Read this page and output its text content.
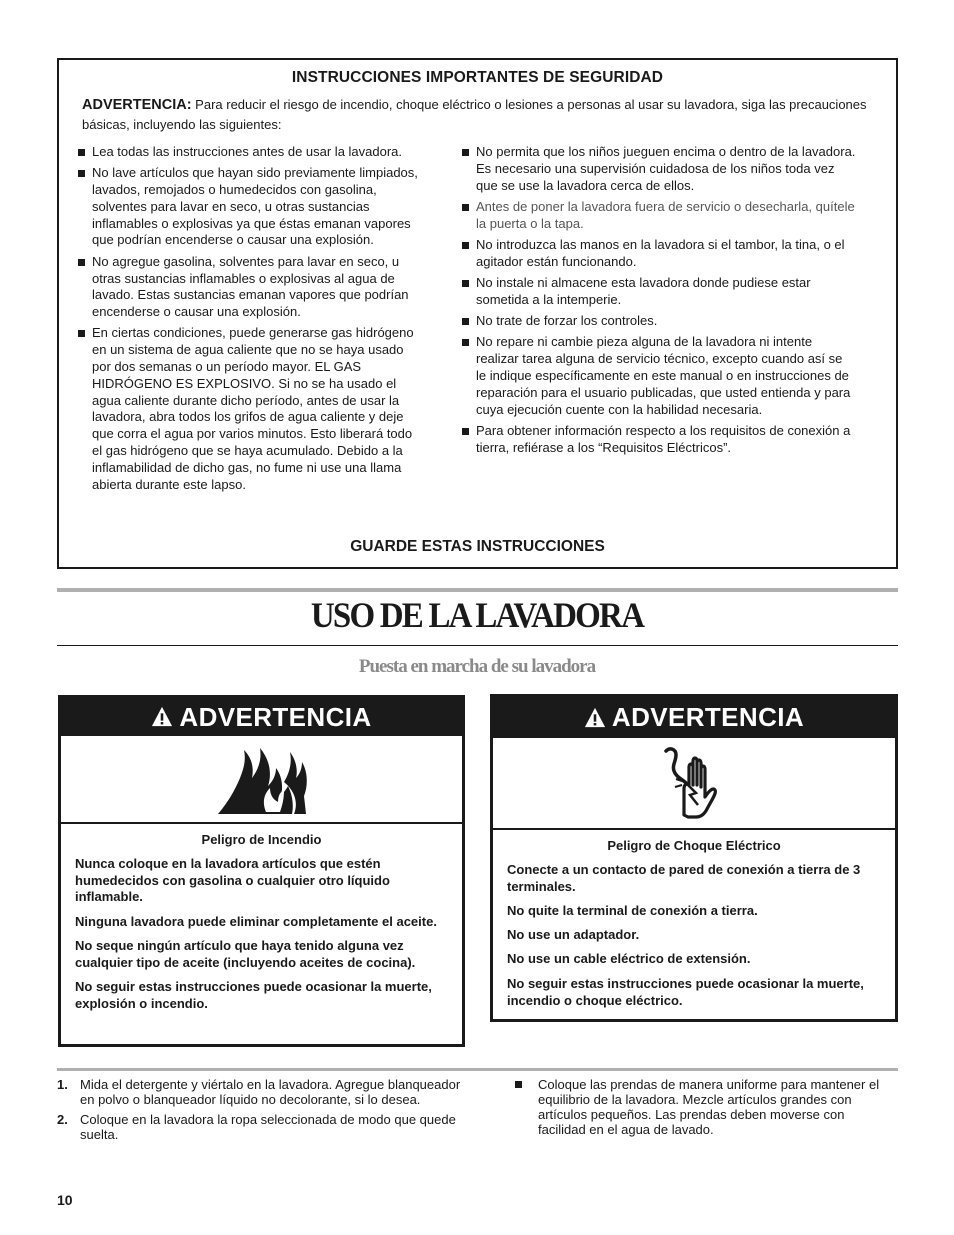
INSTRUCCIONES IMPORTANTES DE SEGURIDAD
ADVERTENCIA: Para reducir el riesgo de incendio, choque eléctrico o lesiones a personas al usar su lavadora, siga las precauciones básicas, incluyendo las siguientes:
Lea todas las instrucciones antes de usar la lavadora.
No lave artículos que hayan sido previamente limpiados, lavados, remojados o humedecidos con gasolina, solventes para lavar en seco, u otras sustancias inflamables o explosivas ya que éstas emanan vapores que podrían encenderse o causar una explosión.
No agregue gasolina, solventes para lavar en seco, u otras sustancias inflamables o explosivas al agua de lavado. Estas sustancias emanan vapores que podrían encenderse o causar una explosión.
En ciertas condiciones, puede generarse gas hidrógeno en un sistema de agua caliente que no se haya usado por dos semanas o un período mayor. EL GAS HIDRÓGENO ES EXPLOSIVO. Si no se ha usado el agua caliente durante dicho período, antes de usar la lavadora, abra todos los grifos de agua caliente y deje que corra el agua por varios minutos. Esto liberará todo el gas hidrógeno que se haya acumulado. Debido a la inflamabilidad de dicho gas, no fume ni use una llama abierta durante este lapso.
No permita que los niños jueguen encima o dentro de la lavadora. Es necesario una supervisión cuidadosa de los niños toda vez que se use la lavadora cerca de ellos.
Antes de poner la lavadora fuera de servicio o desecharla, quítele la puerta o la tapa.
No introduzca las manos en la lavadora si el tambor, la tina, o el agitador están funcionando.
No instale ni almacene esta lavadora donde pudiese estar sometida a la intemperie.
No trate de forzar los controles.
No repare ni cambie pieza alguna de la lavadora ni intente realizar tarea alguna de servicio técnico, excepto cuando así se le indique específicamente en este manual o en instrucciones de reparación para el usuario publicadas, que usted entienda y para cuya ejecución cuente con la habilidad necesaria.
Para obtener información respecto a los requisitos de conexión a tierra, refiérase a los “Requisitos Eléctricos”.
GUARDE ESTAS INSTRUCCIONES
USO DE LA LAVADORA
Puesta en marcha de su lavadora
ADVERTENCIA
Peligro de Incendio

Nunca coloque en la lavadora artículos que estén humedecidos con gasolina o cualquier otro líquido inflamable.

Ninguna lavadora puede eliminar completamente el aceite.

No seque ningún artículo que haya tenido alguna vez cualquier tipo de aceite (incluyendo aceites de cocina).

No seguir estas instrucciones puede ocasionar la muerte, explosión o incendio.

ADVERTENCIA
Peligro de Choque Eléctrico

Conecte a un contacto de pared de conexión a tierra de 3 terminales.

No quite la terminal de conexión a tierra.

No use un adaptador.

No use un cable eléctrico de extensión.

No seguir estas instrucciones puede ocasionar la muerte, incendio o choque eléctrico.

1. Mida el detergente y viértalo en la lavadora. Agregue blanqueador en polvo o blanqueador líquido no decolorante, si lo desea.
2. Coloque en la lavadora la ropa seleccionada de modo que quede suelta.
Coloque las prendas de manera uniforme para mantener el equilibrio de la lavadora. Mezcle artículos grandes con artículos pequeños. Las prendas deben moverse con facilidad en el agua de lavado.
10
